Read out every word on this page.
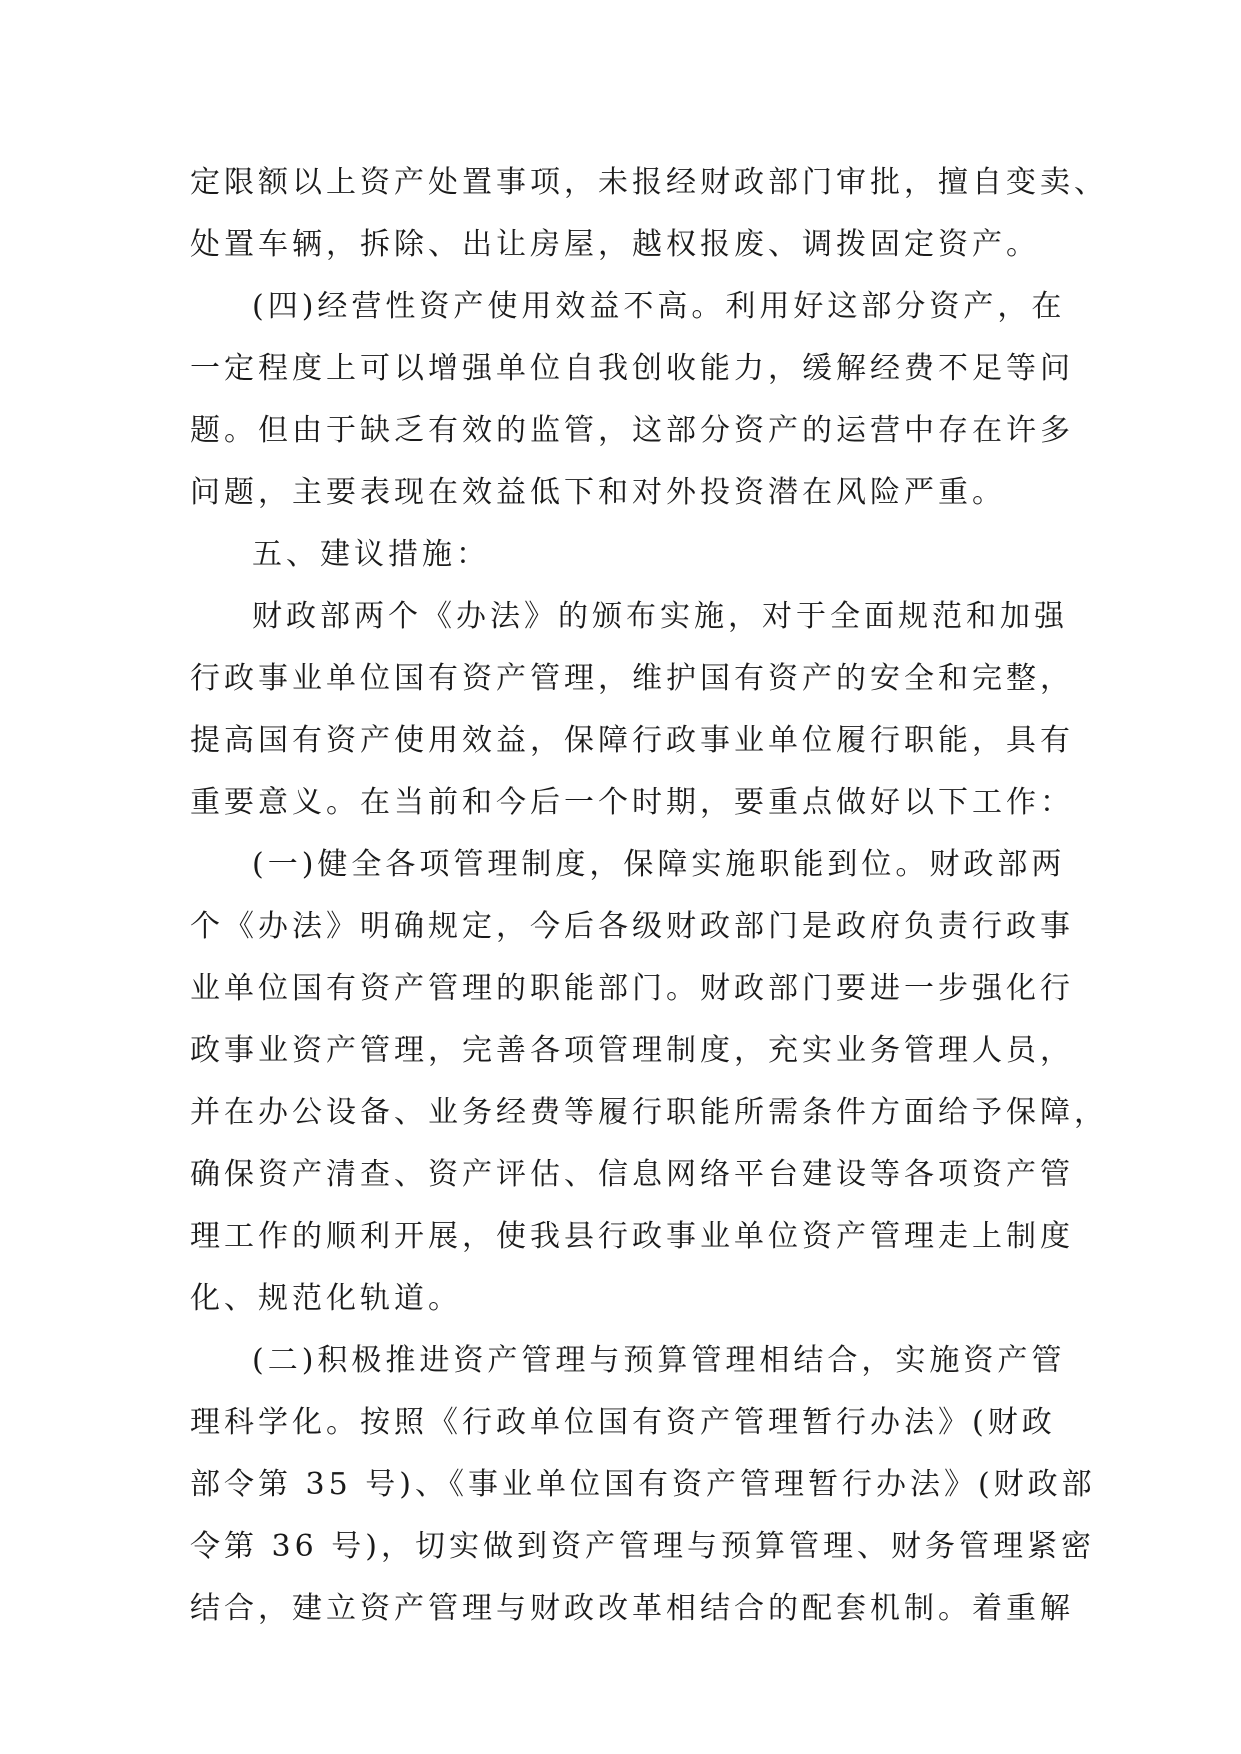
定限额以上资产处置事项，未报经财政部门审批，擅自变卖、
处置车辆，拆除、出让房屋，越权报废、调拨固定资产。
(四)经营性资产使用效益不高。利用好这部分资产，在
一定程度上可以增强单位自我创收能力，缓解经费不足等问
题。但由于缺乏有效的监管，这部分资产的运营中存在许多
问题，主要表现在效益低下和对外投资潜在风险严重。
五、建议措施：
财政部两个《办法》的颁布实施，对于全面规范和加强
行政事业单位国有资产管理，维护国有资产的安全和完整，
提高国有资产使用效益，保障行政事业单位履行职能，具有
重要意义。在当前和今后一个时期，要重点做好以下工作：
(一)健全各项管理制度，保障实施职能到位。财政部两
个《办法》明确规定，今后各级财政部门是政府负责行政事
业单位国有资产管理的职能部门。财政部门要进一步强化行
政事业资产管理，完善各项管理制度，充实业务管理人员，
并在办公设备、业务经费等履行职能所需条件方面给予保障，
确保资产清查、资产评估、信息网络平台建设等各项资产管
理工作的顺利开展，使我县行政事业单位资产管理走上制度
化、规范化轨道。
(二)积极推进资产管理与预算管理相结合，实施资产管
理科学化。按照《行政单位国有资产管理暂行办法》(财政
部令第 35 号)、《事业单位国有资产管理暂行办法》(财政部
令第 36 号)，切实做到资产管理与预算管理、财务管理紧密
结合，建立资产管理与财政改革相结合的配套机制。着重解
